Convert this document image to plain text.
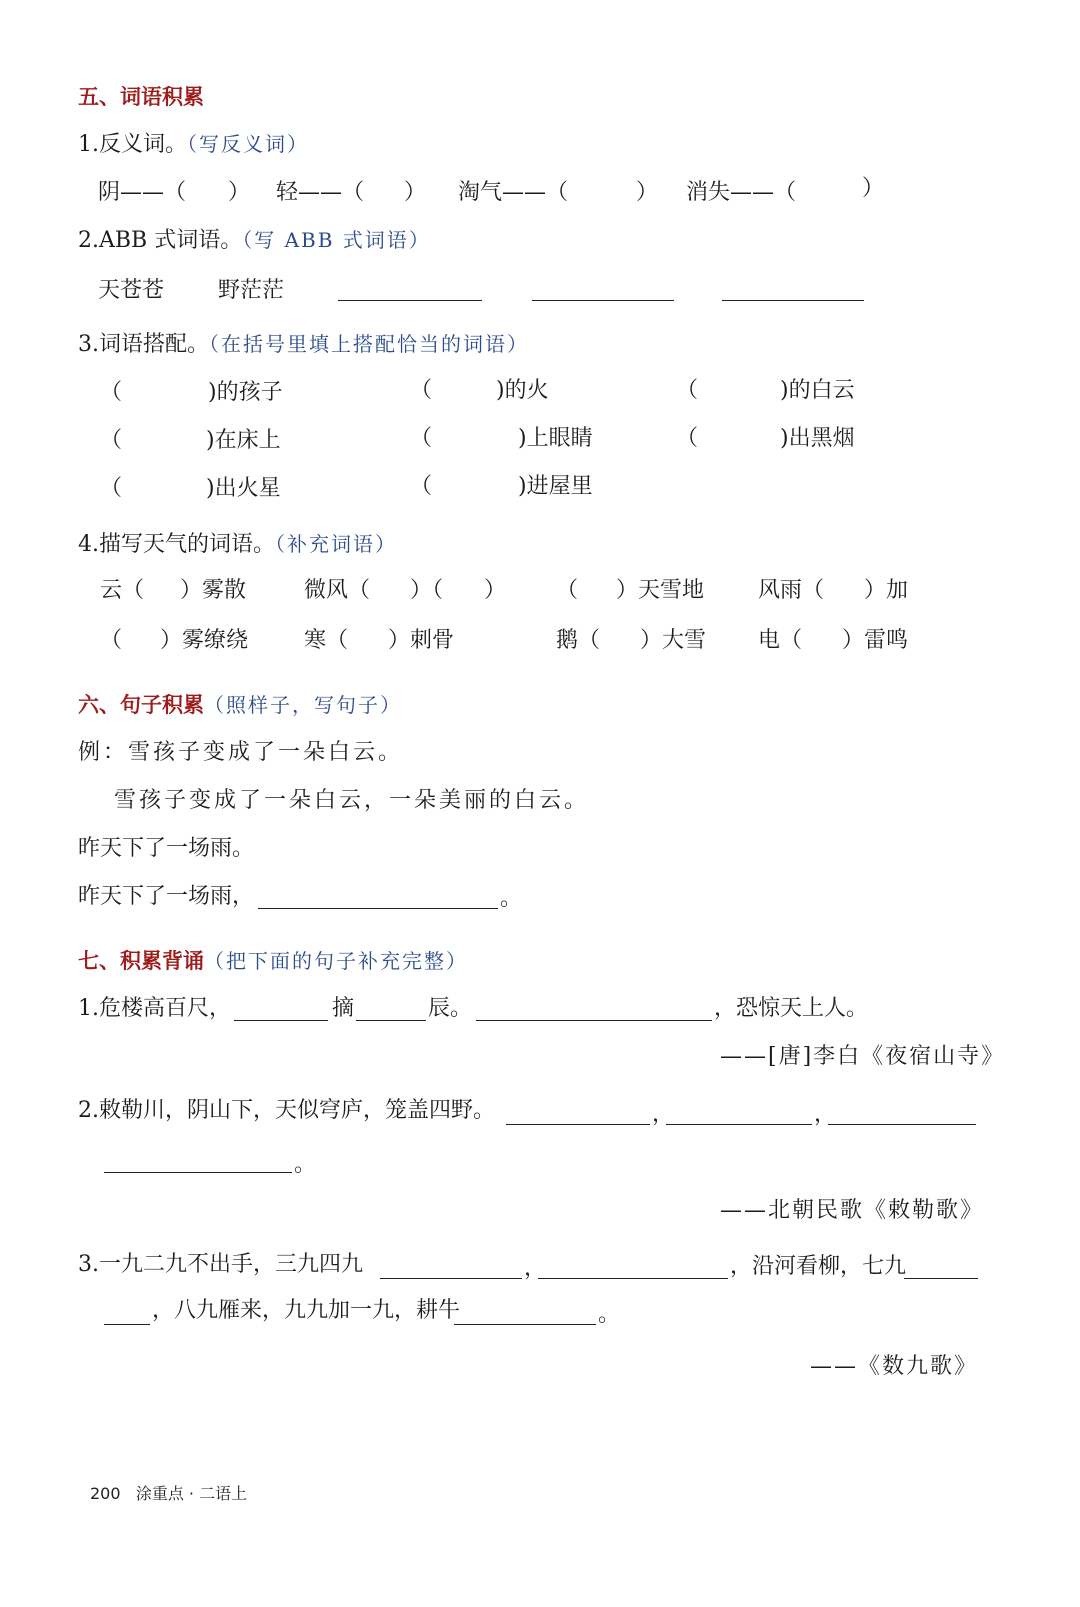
五、词语积累
1.反义词。（写反义词）
阴——（ ） 轻——（ ） 淘气——（	） 消失——（	）
2.ABB 式词语。（写 ABB 式词语）
天苍苍 野茫茫
3.词语搭配。（在括号里填上搭配恰当的词语）
（	)的孩子	（	)的火	（	)的白云
（	)在床上	（	)上眼睛	（	)出黑烟
（	)出火星	（	)进屋里
4.描写天气的词语。（补充词语）
云（ ）雾散	微风（ ）（ ） （ ）天雪地 风雨（ ）加
（ ）雾缭绕	寒（ ）刺骨	鹅（ ）大雪 电（ ）雷鸣
六、句子积累（照样子，写句子）
例：雪孩子变成了一朵白云。
雪孩子变成了一朵白云，一朵美丽的白云。
昨天下了一场雨。
昨天下了一场雨，	。
七、积累背诵（把下面的句子补充完整）
1.危楼高百尺，	摘	辰。	，恐惊天上人。
——[唐]李白《夜宿山寺》
2.敕勒川，阴山下，天似穹庐，笼盖四野。	，	，
。
——北朝民歌《敕勒歌》
3.一九二九不出手，三九四九	，	，沿河看柳，七九
，八九雁来，九九加一九，耕牛	。
——《数九歌》
200 涂重点 · 二语上
